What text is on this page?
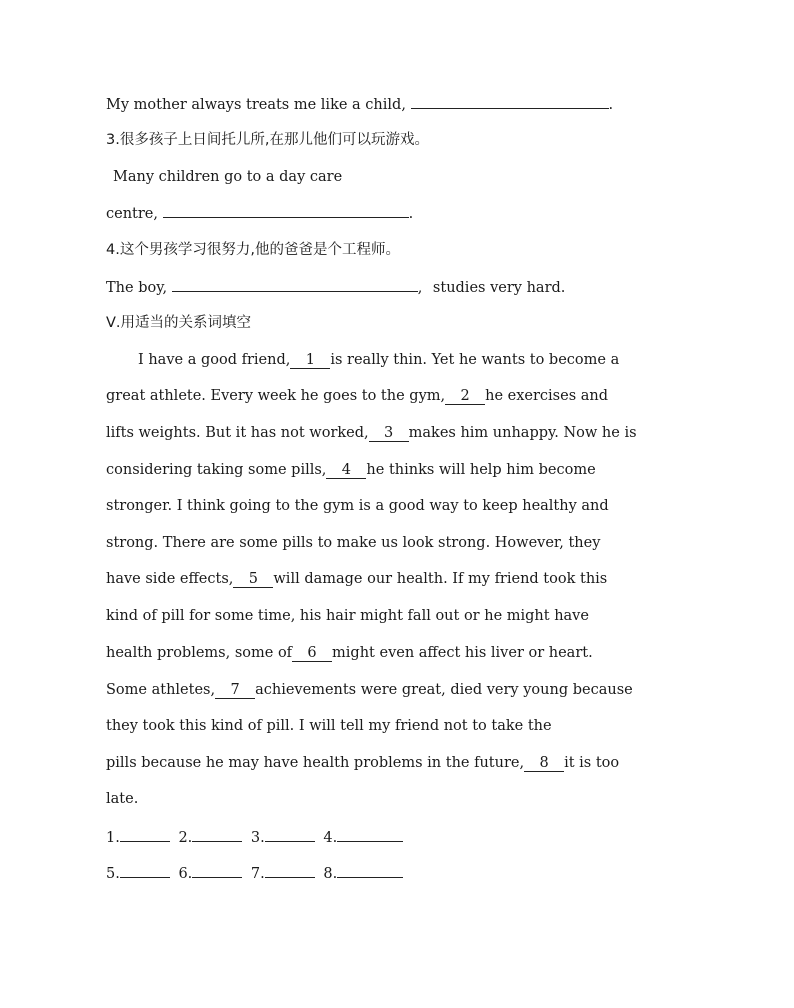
My mother always treats me like a child,	.
3.很多孩子上日间托儿所,在那儿他们可以玩游戏。
Many children go to a day care
centre,	.
4.这个男孩学习很努力,他的爸爸是个工程师。
The boy,	, studies very hard.
Ⅴ.用适当的关系词填空
I have a good friend, 1 is really thin. Yet he wants to become a
great athlete. Every week he goes to the gym, 2 he exercises and
lifts weights. But it has not worked, 3 makes him unhappy. Now he is
considering taking some pills, 4 he thinks will help him become
stronger. I think going to the gym is a good way to keep healthy and
strong. There are some pills to make us look strong. However, they
have side effects, 5 will damage our health. If my friend took this
kind of pill for some time, his hair might fall out or he might have
health problems, some of 6 might even affect his liver or heart.
Some athletes, 7 achievements were great, died very young because
they took this kind of pill. I will tell my friend not to take the
pills because he may have health problems in the future, 8 it is too
late.
1.	2.	3.	4.
5.	6.	7.	8.
